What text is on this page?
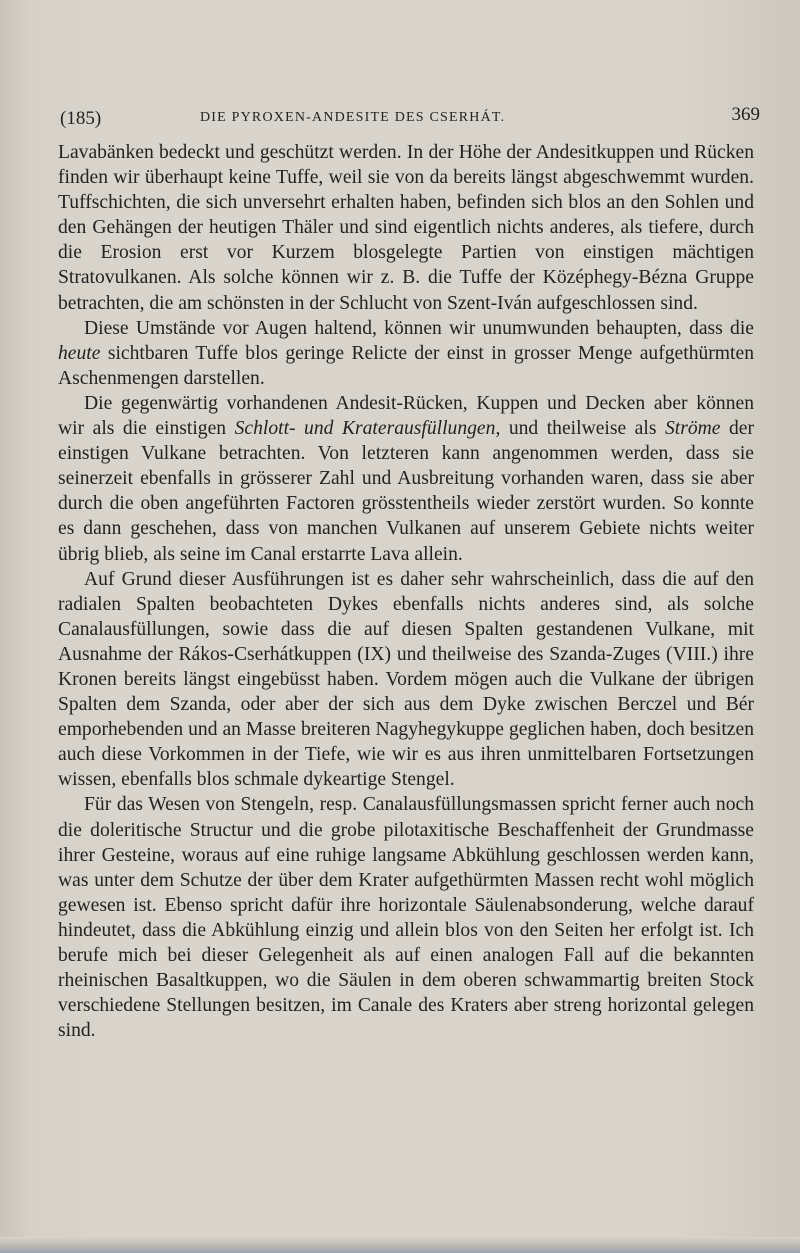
(185)	DIE PYROXEN-ANDESITE DES CSERHÁT.	369

Lavabänken bedeckt und geschützt werden. In der Höhe der Andesitkuppen und Rücken finden wir überhaupt keine Tuffe, weil sie von da bereits längst abgeschwemmt wurden. Tuffschichten, die sich unversehrt erhalten haben, befinden sich blos an den Sohlen und den Gehängen der heutigen Thäler und sind eigentlich nichts anderes, als tiefere, durch die Erosion erst vor Kurzem blosgelegte Partien von einstigen mächtigen Stratovulkanen. Als solche können wir z. B. die Tuffe der Középhegy-Bézna Gruppe betrachten, die am schönsten in der Schlucht von Szent-Iván aufgeschlossen sind.

Diese Umstände vor Augen haltend, können wir unumwunden behaupten, dass die heute sichtbaren Tuffe blos geringe Relicte der einst in grosser Menge aufgethürmten Aschenmengen darstellen.

Die gegenwärtig vorhandenen Andesit-Rücken, Kuppen und Decken aber können wir als die einstigen Schlott- und Kraterausfüllungen, und theilweise als Ströme der einstigen Vulkane betrachten. Von letzteren kann angenommen werden, dass sie seinerzeit ebenfalls in grösserer Zahl und Ausbreitung vorhanden waren, dass sie aber durch die oben angeführten Factoren grösstentheils wieder zerstört wurden. So konnte es dann geschehen, dass von manchen Vulkanen auf unserem Gebiete nichts weiter übrig blieb, als seine im Canal erstarrte Lava allein.

Auf Grund dieser Ausführungen ist es daher sehr wahrscheinlich, dass die auf den radialen Spalten beobachteten Dykes ebenfalls nichts anderes sind, als solche Canalausfüllungen, sowie dass die auf diesen Spalten gestandenen Vulkane, mit Ausnahme der Rákos-Cserhátkuppen (IX) und theilweise des Szanda-Zuges (VIII.) ihre Kronen bereits längst eingebüsst haben. Vordem mögen auch die Vulkane der übrigen Spalten dem Szanda, oder aber der sich aus dem Dyke zwischen Berczel und Bér emporhebenden und an Masse breiteren Nagyhegykuppe geglichen haben, doch besitzen auch diese Vorkommen in der Tiefe, wie wir es aus ihren unmittelbaren Fortsetzungen wissen, ebenfalls blos schmale dykeartige Stengel.

Für das Wesen von Stengeln, resp. Canalausfüllungsmassen spricht ferner auch noch die doleritische Structur und die grobe pilotaxitische Beschaffenheit der Grundmasse ihrer Gesteine, woraus auf eine ruhige langsame Abkühlung geschlossen werden kann, was unter dem Schutze der über dem Krater aufgethürmten Massen recht wohl möglich gewesen ist. Ebenso spricht dafür ihre horizontale Säulenabsonderung, welche darauf hindeutet, dass die Abkühlung einzig und allein blos von den Seiten her erfolgt ist. Ich berufe mich bei dieser Gelegenheit als auf einen analogen Fall auf die bekannten rheinischen Basaltkuppen, wo die Säulen in dem oberen schwammartig breiten Stock verschiedene Stellungen besitzen, im Canale des Kraters aber streng horizontal gelegen sind.
